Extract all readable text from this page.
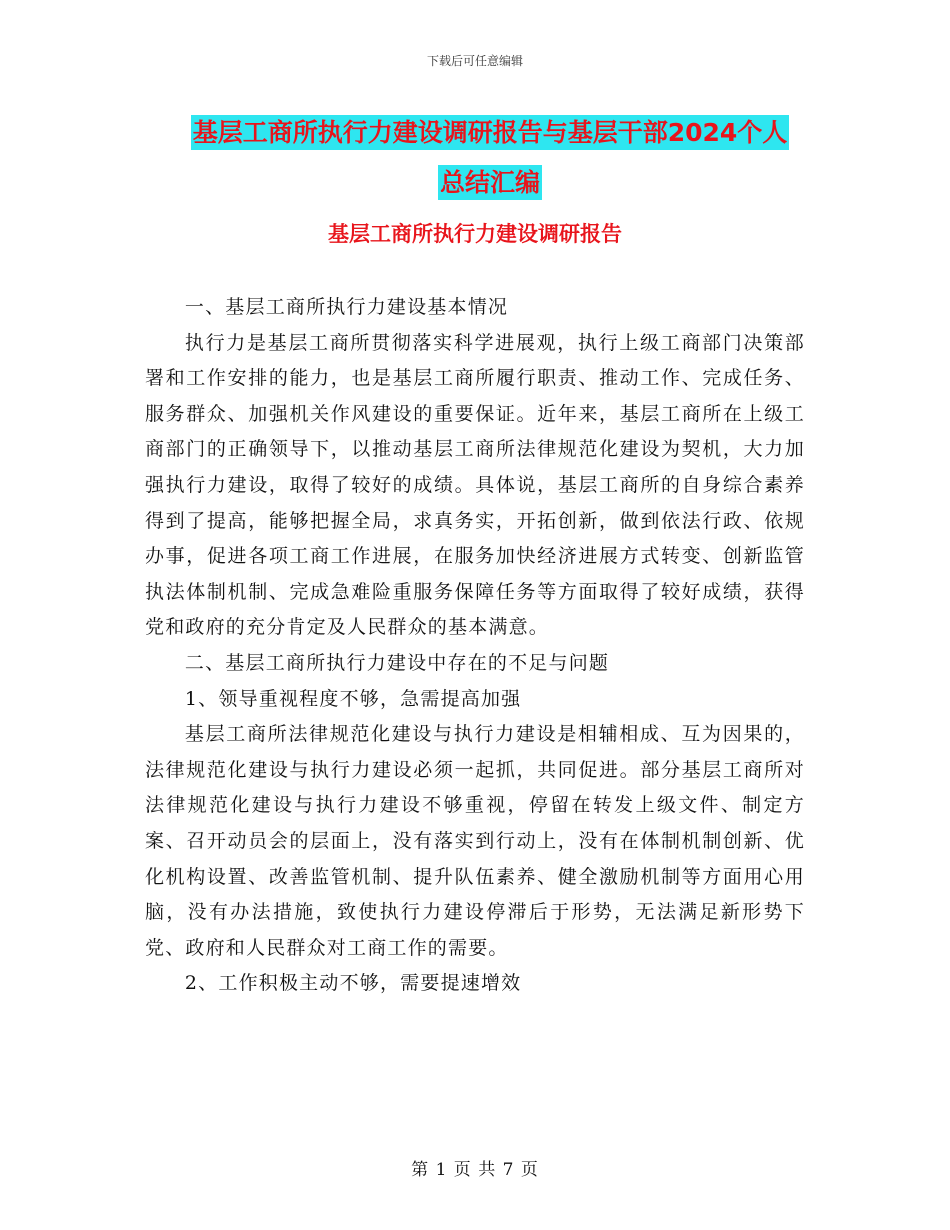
下载后可任意编辑
基层工商所执行力建设调研报告与基层干部2024个人
总结汇编
基层工商所执行力建设调研报告

一、基层工商所执行力建设基本情况

执行力是基层工商所贯彻落实科学进展观，执行上级工商部门决策部署和工作安排的能力，也是基层工商所履行职责、推动工作、完成任务、服务群众、加强机关作风建设的重要保证。近年来，基层工商所在上级工商部门的正确领导下，以推动基层工商所法律规范化建设为契机，大力加强执行力建设，取得了较好的成绩。具体说，基层工商所的自身综合素养得到了提高，能够把握全局，求真务实，开拓创新，做到依法行政、依规办事，促进各项工商工作进展，在服务加快经济进展方式转变、创新监管执法体制机制、完成急难险重服务保障任务等方面取得了较好成绩，获得党和政府的充分肯定及人民群众的基本满意。

二、基层工商所执行力建设中存在的不足与问题

1、领导重视程度不够，急需提高加强

基层工商所法律规范化建设与执行力建设是相辅相成、互为因果的，法律规范化建设与执行力建设必须一起抓，共同促进。部分基层工商所对法律规范化建设与执行力建设不够重视，停留在转发上级文件、制定方案、召开动员会的层面上，没有落实到行动上，没有在体制机制创新、优化机构设置、改善监管机制、提升队伍素养、健全激励机制等方面用心用脑，没有办法措施，致使执行力建设停滞后于形势，无法满足新形势下党、政府和人民群众对工商工作的需要。

2、工作积极主动不够，需要提速增效

第 1 页 共 7 页
